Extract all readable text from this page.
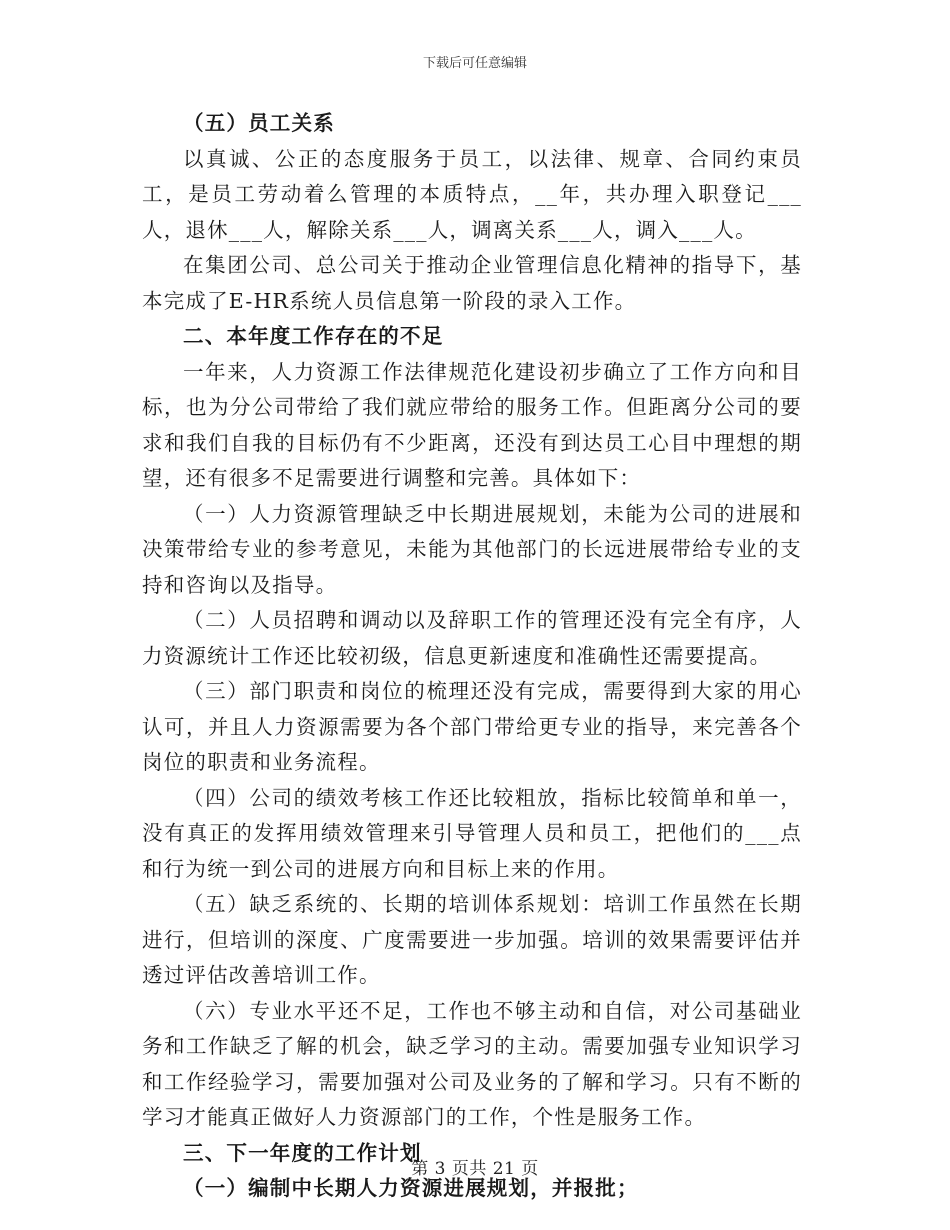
下载后可任意编辑

（五）员工关系

以真诚、公正的态度服务于员工，以法律、规章、合同约束员工，是员工劳动着么管理的本质特点，__年，共办理入职登记___人，退休___人，解除关系___人，调离关系___人，调入___人。

在集团公司、总公司关于推动企业管理信息化精神的指导下，基本完成了E-HR系统人员信息第一阶段的录入工作。

二、本年度工作存在的不足

一年来，人力资源工作法律规范化建设初步确立了工作方向和目标，也为分公司带给了我们就应带给的服务工作。但距离分公司的要求和我们自我的目标仍有不少距离，还没有到达员工心目中理想的期望，还有很多不足需要进行调整和完善。具体如下：

（一）人力资源管理缺乏中长期进展规划，未能为公司的进展和决策带给专业的参考意见，未能为其他部门的长远进展带给专业的支持和咨询以及指导。

（二）人员招聘和调动以及辞职工作的管理还没有完全有序，人力资源统计工作还比较初级，信息更新速度和准确性还需要提高。

（三）部门职责和岗位的梳理还没有完成，需要得到大家的用心认可，并且人力资源需要为各个部门带给更专业的指导，来完善各个岗位的职责和业务流程。

（四）公司的绩效考核工作还比较粗放，指标比较简单和单一，没有真正的发挥用绩效管理来引导管理人员和员工，把他们的___点和行为统一到公司的进展方向和目标上来的作用。

（五）缺乏系统的、长期的培训体系规划：培训工作虽然在长期进行，但培训的深度、广度需要进一步加强。培训的效果需要评估并透过评估改善培训工作。

（六）专业水平还不足，工作也不够主动和自信，对公司基础业务和工作缺乏了解的机会，缺乏学习的主动。需要加强专业知识学习和工作经验学习，需要加强对公司及业务的了解和学习。只有不断的学习才能真正做好人力资源部门的工作，个性是服务工作。

三、下一年度的工作计划

（一）编制中长期人力资源进展规划，并报批；

第 3 页共 21 页
